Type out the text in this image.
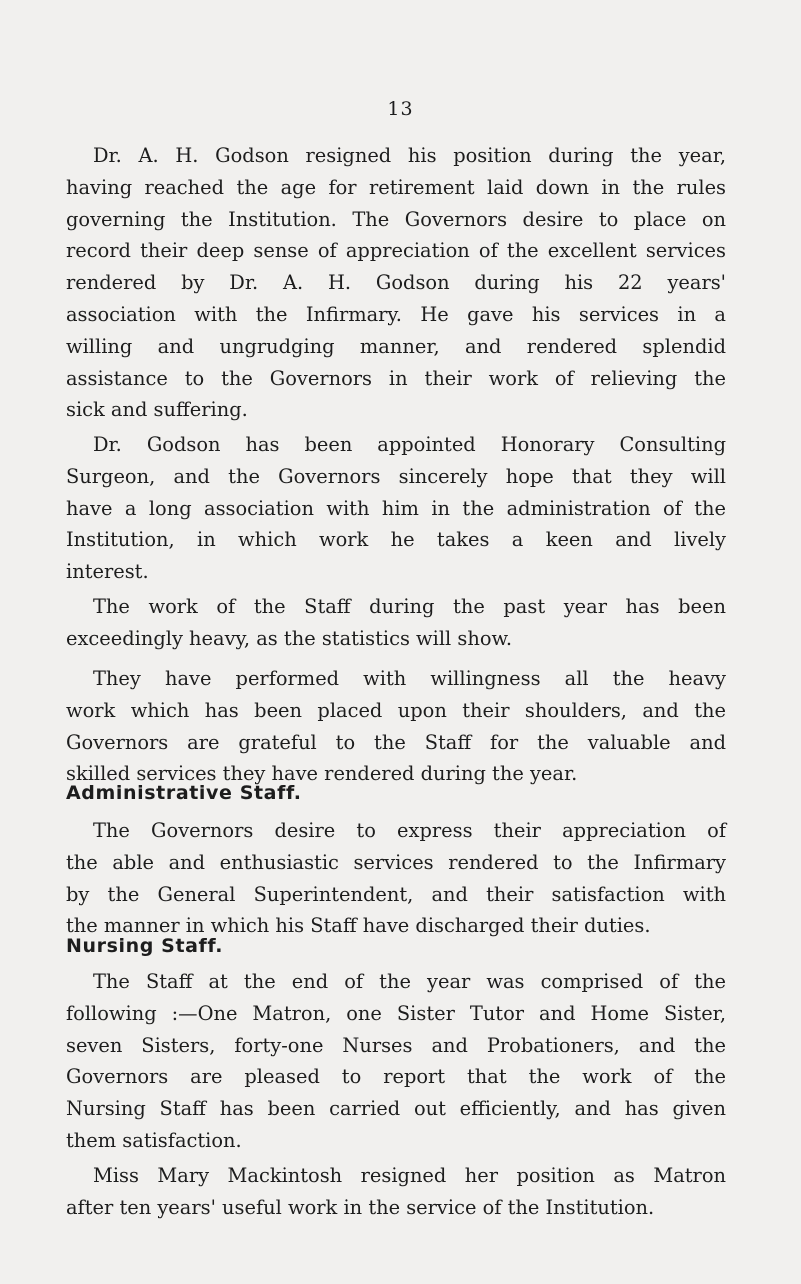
13
Dr. A. H. Godson resigned his position during the year,
having reached the age for retirement laid down in the rules
governing the Institution. The Governors desire to place on
record their deep sense of appreciation of the excellent services
rendered by Dr. A. H. Godson during his 22 years'
association with the Infirmary. He gave his services in a
willing and ungrudging manner, and rendered splendid
assistance to the Governors in their work of relieving the
sick and suffering.
Dr. Godson has been appointed Honorary Consulting
Surgeon, and the Governors sincerely hope that they will
have a long association with him in the administration of the
Institution, in which work he takes a keen and lively
interest.
The work of the Staff during the past year has been
exceedingly heavy, as the statistics will show.
They have performed with willingness all the heavy
work which has been placed upon their shoulders, and the
Governors are grateful to the Staff for the valuable and
skilled services they have rendered during the year.
Administrative Staff.
The Governors desire to express their appreciation of
the able and enthusiastic services rendered to the Infirmary
by the General Superintendent, and their satisfaction with
the manner in which his Staff have discharged their duties.
Nursing Staff.
The Staff at the end of the year was comprised of the
following :—One Matron, one Sister Tutor and Home Sister,
seven Sisters, forty-one Nurses and Probationers, and the
Governors are pleased to report that the work of the
Nursing Staff has been carried out efficiently, and has given
them satisfaction.
Miss Mary Mackintosh resigned her position as Matron
after ten years' useful work in the service of the Institution.
